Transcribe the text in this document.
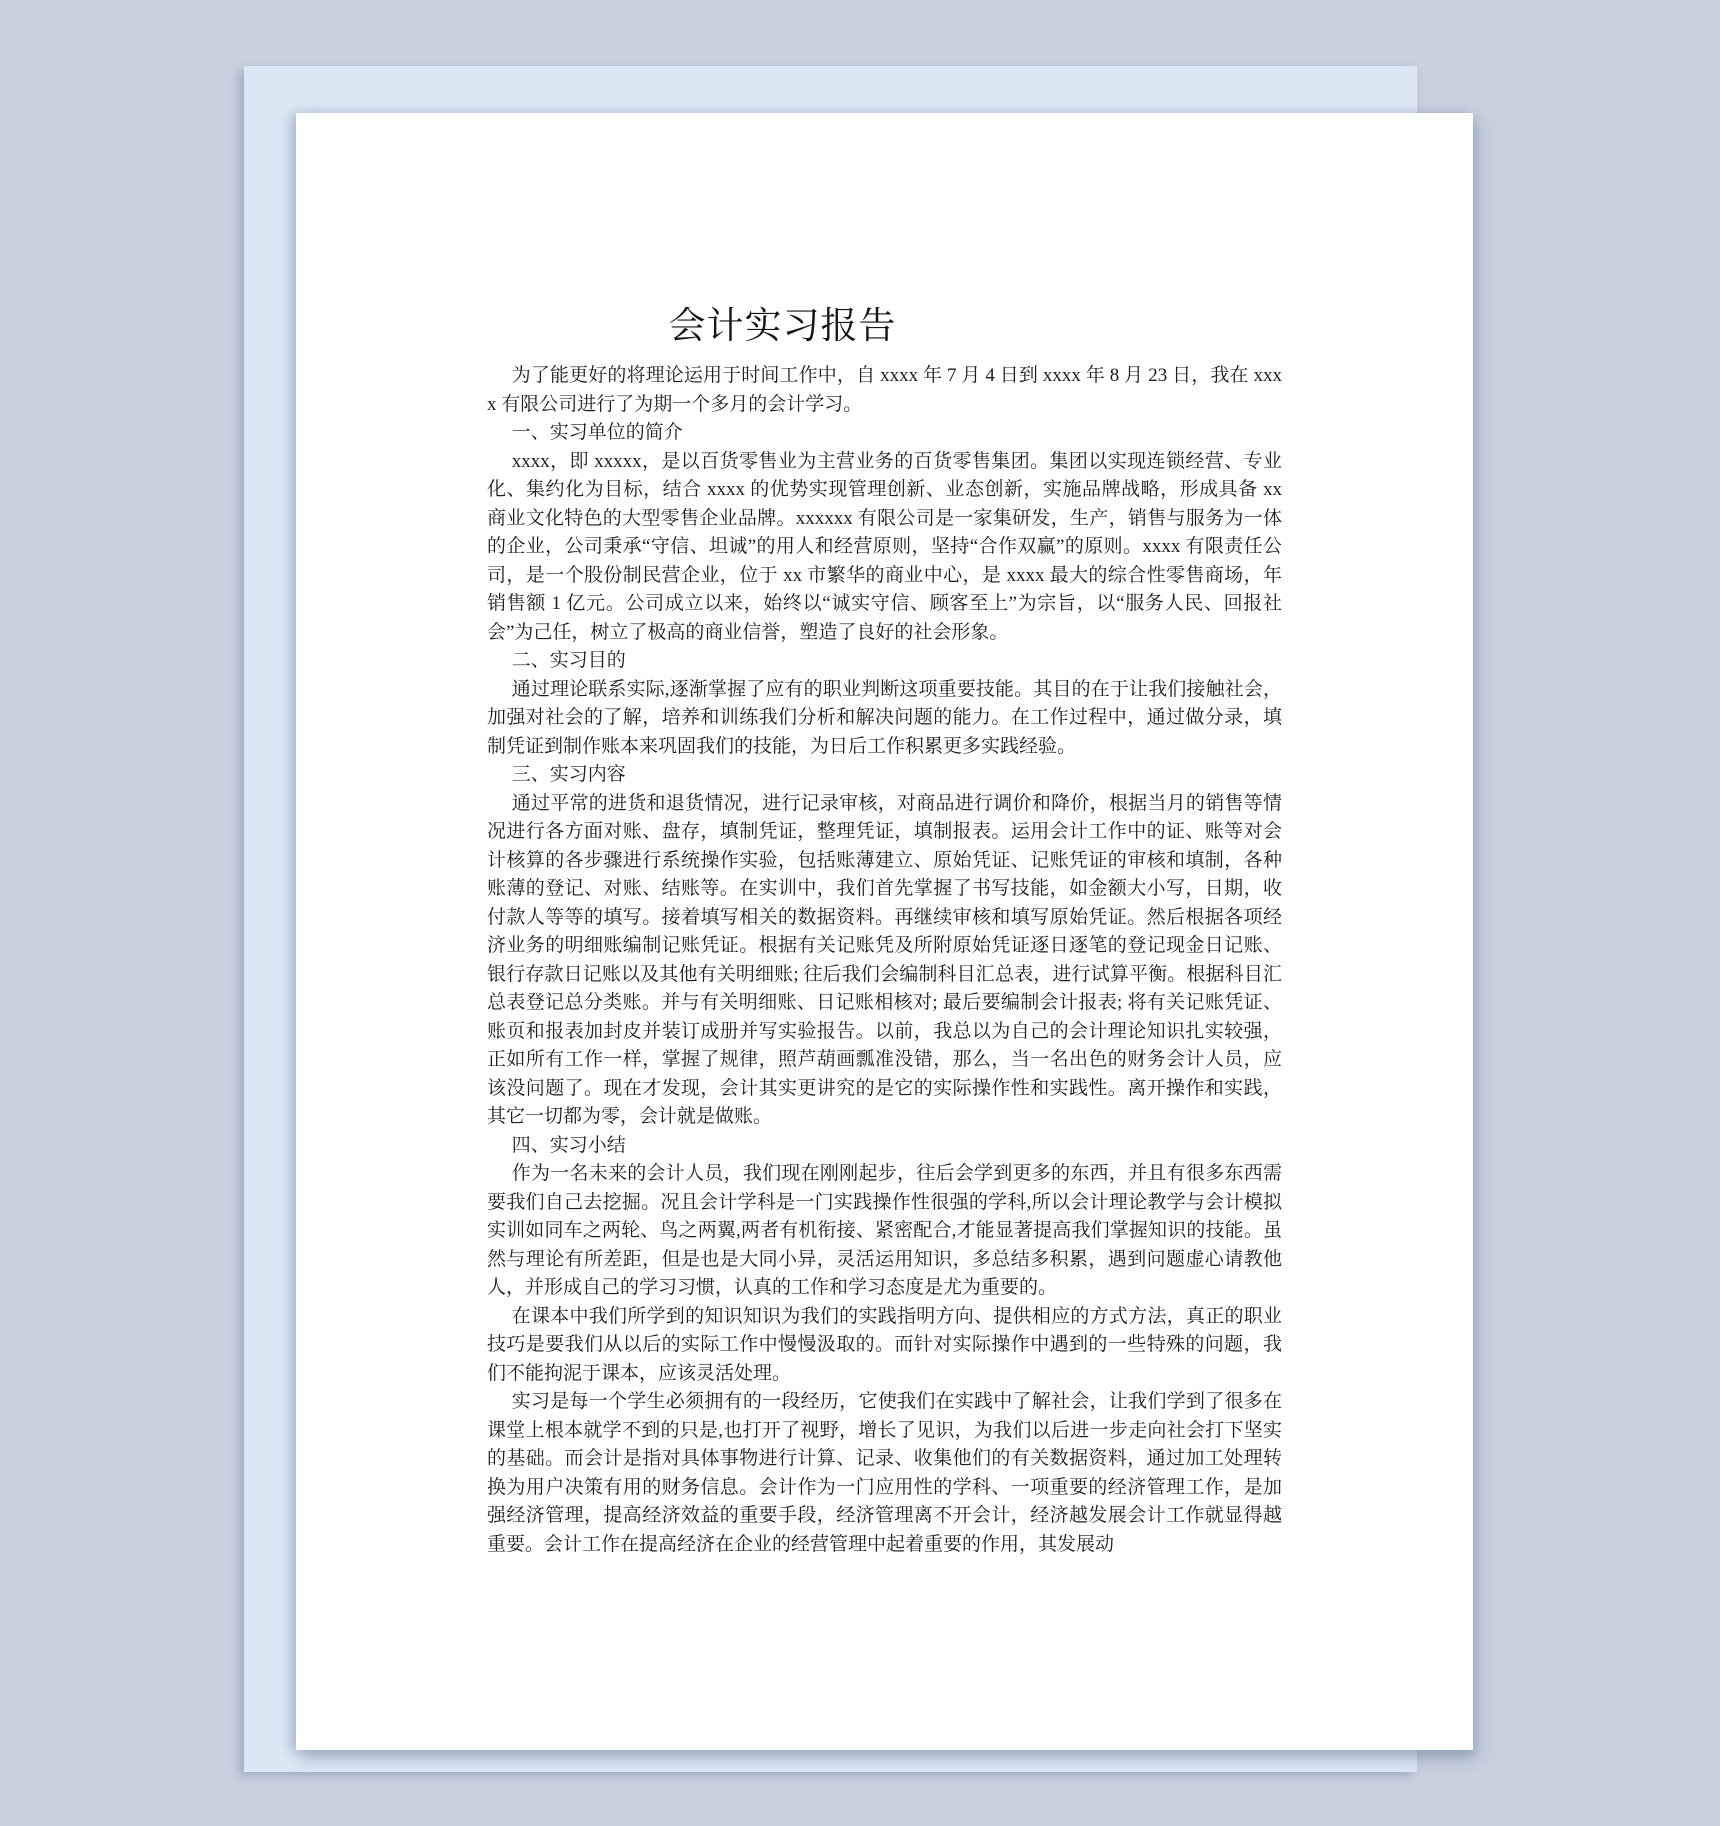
会计实习报告

为了能更好的将理论运用于时间工作中，自 xxxx 年 7 月 4 日到 xxxx 年 8 月 23 日，我在 xxxx 有限公司进行了为期一个多月的会计学习。

一、实习单位的简介

xxxx，即 xxxxx，是以百货零售业为主营业务的百货零售集团。集团以实现连锁经营、专业化、集约化为目标，结合 xxxx 的优势实现管理创新、业态创新，实施品牌战略，形成具备 xx 商业文化特色的大型零售企业品牌。xxxxxx 有限公司是一家集研发，生产，销售与服务为一体的企业，公司秉承“守信、坦诚”的用人和经营原则，坚持“合作双赢”的原则。xxxx 有限责任公司，是一个股份制民营企业，位于 xx 市繁华的商业中心，是 xxxx 最大的综合性零售商场，年销售额 1 亿元。公司成立以来，始终以“诚实守信、顾客至上”为宗旨，以“服务人民、回报社会”为己任，树立了极高的商业信誉，塑造了良好的社会形象。

二、实习目的

通过理论联系实际,逐渐掌握了应有的职业判断这项重要技能。其目的在于让我们接触社会，加强对社会的了解，培养和训练我们分析和解决问题的能力。在工作过程中，通过做分录，填制凭证到制作账本来巩固我们的技能，为日后工作积累更多实践经验。

三、实习内容

通过平常的进货和退货情况，进行记录审核，对商品进行调价和降价，根据当月的销售等情况进行各方面对账、盘存，填制凭证，整理凭证，填制报表。运用会计工作中的证、账等对会计核算的各步骤进行系统操作实验，包括账薄建立、原始凭证、记账凭证的审核和填制，各种账薄的登记、对账、结账等。在实训中，我们首先掌握了书写技能，如金额大小写，日期，收付款人等等的填写。接着填写相关的数据资料。再继续审核和填写原始凭证。然后根据各项经济业务的明细账编制记账凭证。根据有关记账凭及所附原始凭证逐日逐笔的登记现金日记账、银行存款日记账以及其他有关明细账; 往后我们会编制科目汇总表，进行试算平衡。根据科目汇总表登记总分类账。并与有关明细账、日记账相核对; 最后要编制会计报表; 将有关记账凭证、账页和报表加封皮并装订成册并写实验报告。以前，我总以为自己的会计理论知识扎实较强，正如所有工作一样，掌握了规律，照芦葫画瓢准没错，那么，当一名出色的财务会计人员，应该没问题了。现在才发现，会计其实更讲究的是它的实际操作性和实践性。离开操作和实践，其它一切都为零，会计就是做账。

四、实习小结

作为一名未来的会计人员，我们现在刚刚起步，往后会学到更多的东西，并且有很多东西需要我们自己去挖掘。况且会计学科是一门实践操作性很强的学科,所以会计理论教学与会计模拟实训如同车之两轮、鸟之两翼,两者有机衔接、紧密配合,才能显著提高我们掌握知识的技能。虽然与理论有所差距，但是也是大同小异，灵活运用知识，多总结多积累，遇到问题虚心请教他人，并形成自己的学习习惯，认真的工作和学习态度是尤为重要的。

在课本中我们所学到的知识知识为我们的实践指明方向、提供相应的方式方法，真正的职业技巧是要我们从以后的实际工作中慢慢汲取的。而针对实际操作中遇到的一些特殊的问题，我们不能拘泥于课本，应该灵活处理。

实习是每一个学生必须拥有的一段经历，它使我们在实践中了解社会，让我们学到了很多在课堂上根本就学不到的只是,也打开了视野，增长了见识，为我们以后进一步走向社会打下坚实的基础。而会计是指对具体事物进行计算、记录、收集他们的有关数据资料，通过加工处理转换为用户决策有用的财务信息。会计作为一门应用性的学科、一项重要的经济管理工作，是加强经济管理，提高经济效益的重要手段，经济管理离不开会计，经济越发展会计工作就显得越重要。会计工作在提高经济在企业的经营管理中起着重要的作用，其发展动
